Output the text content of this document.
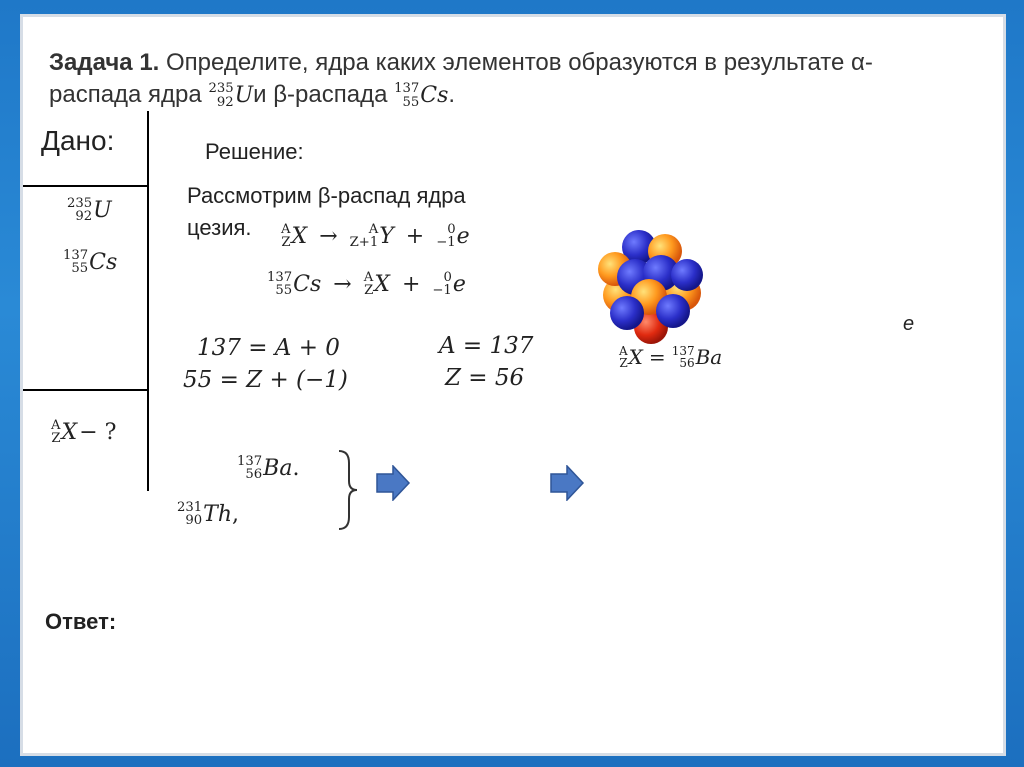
Задача 1. Определите, ядра каких элементов образуются в результате α-
распада ядра 235
92 U и β-распада 137
55 Cs .
Дано:
235
92 U
137
55 Cs
A
Z X − ?
Решение:
Рассмотрим β-распад ядра
цезия. A
Z X → A
Z+1 Y + 0
−1 e
137
55 Cs → A
Z X + 0
−1 e
137 = A + 0
55 = Z + (−1)
A = 137
Z = 56
A
Z X = 137
56 Ba
e
137
56 Ba .
231
90 Th ,
Ответ:
